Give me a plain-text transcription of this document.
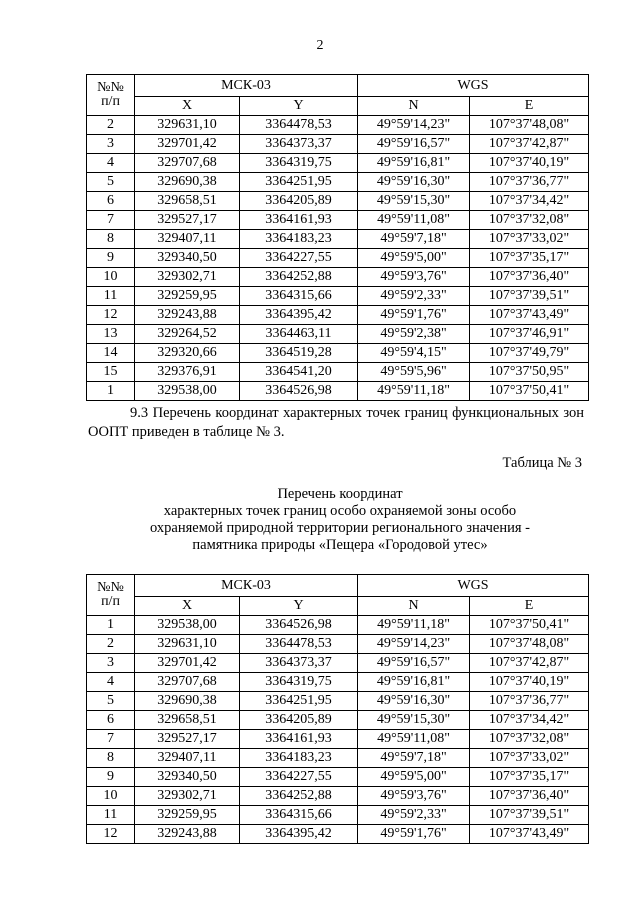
2
№№
п/п	МСК-03		WGS	
	X	Y	N	E
2	329631,10	3364478,53	49°59'14,23"	107°37'48,08"
3	329701,42	3364373,37	49°59'16,57"	107°37'42,87"
4	329707,68	3364319,75	49°59'16,81"	107°37'40,19"
5	329690,38	3364251,95	49°59'16,30"	107°37'36,77"
6	329658,51	3364205,89	49°59'15,30"	107°37'34,42"
7	329527,17	3364161,93	49°59'11,08"	107°37'32,08"
8	329407,11	3364183,23	49°59'7,18"	107°37'33,02"
9	329340,50	3364227,55	49°59'5,00"	107°37'35,17"
10	329302,71	3364252,88	49°59'3,76"	107°37'36,40"
11	329259,95	3364315,66	49°59'2,33"	107°37'39,51"
12	329243,88	3364395,42	49°59'1,76"	107°37'43,49"
13	329264,52	3364463,11	49°59'2,38"	107°37'46,91"
14	329320,66	3364519,28	49°59'4,15"	107°37'49,79"
15	329376,91	3364541,20	49°59'5,96"	107°37'50,95"
1	329538,00	3364526,98	49°59'11,18"	107°37'50,41"
9.3 Перечень координат характерных точек границ функциональных зон ООПТ приведен в таблице № 3.
Таблица № 3
Перечень координат
характерных точек границ особо охраняемой зоны особо
охраняемой природной территории регионального значения -
памятника природы «Пещера «Городовой утес»
№№
п/п	МСК-03		WGS	
	X	Y	N	E
1	329538,00	3364526,98	49°59'11,18"	107°37'50,41"
2	329631,10	3364478,53	49°59'14,23"	107°37'48,08"
3	329701,42	3364373,37	49°59'16,57"	107°37'42,87"
4	329707,68	3364319,75	49°59'16,81"	107°37'40,19"
5	329690,38	3364251,95	49°59'16,30"	107°37'36,77"
6	329658,51	3364205,89	49°59'15,30"	107°37'34,42"
7	329527,17	3364161,93	49°59'11,08"	107°37'32,08"
8	329407,11	3364183,23	49°59'7,18"	107°37'33,02"
9	329340,50	3364227,55	49°59'5,00"	107°37'35,17"
10	329302,71	3364252,88	49°59'3,76"	107°37'36,40"
11	329259,95	3364315,66	49°59'2,33"	107°37'39,51"
12	329243,88	3364395,42	49°59'1,76"	107°37'43,49"
